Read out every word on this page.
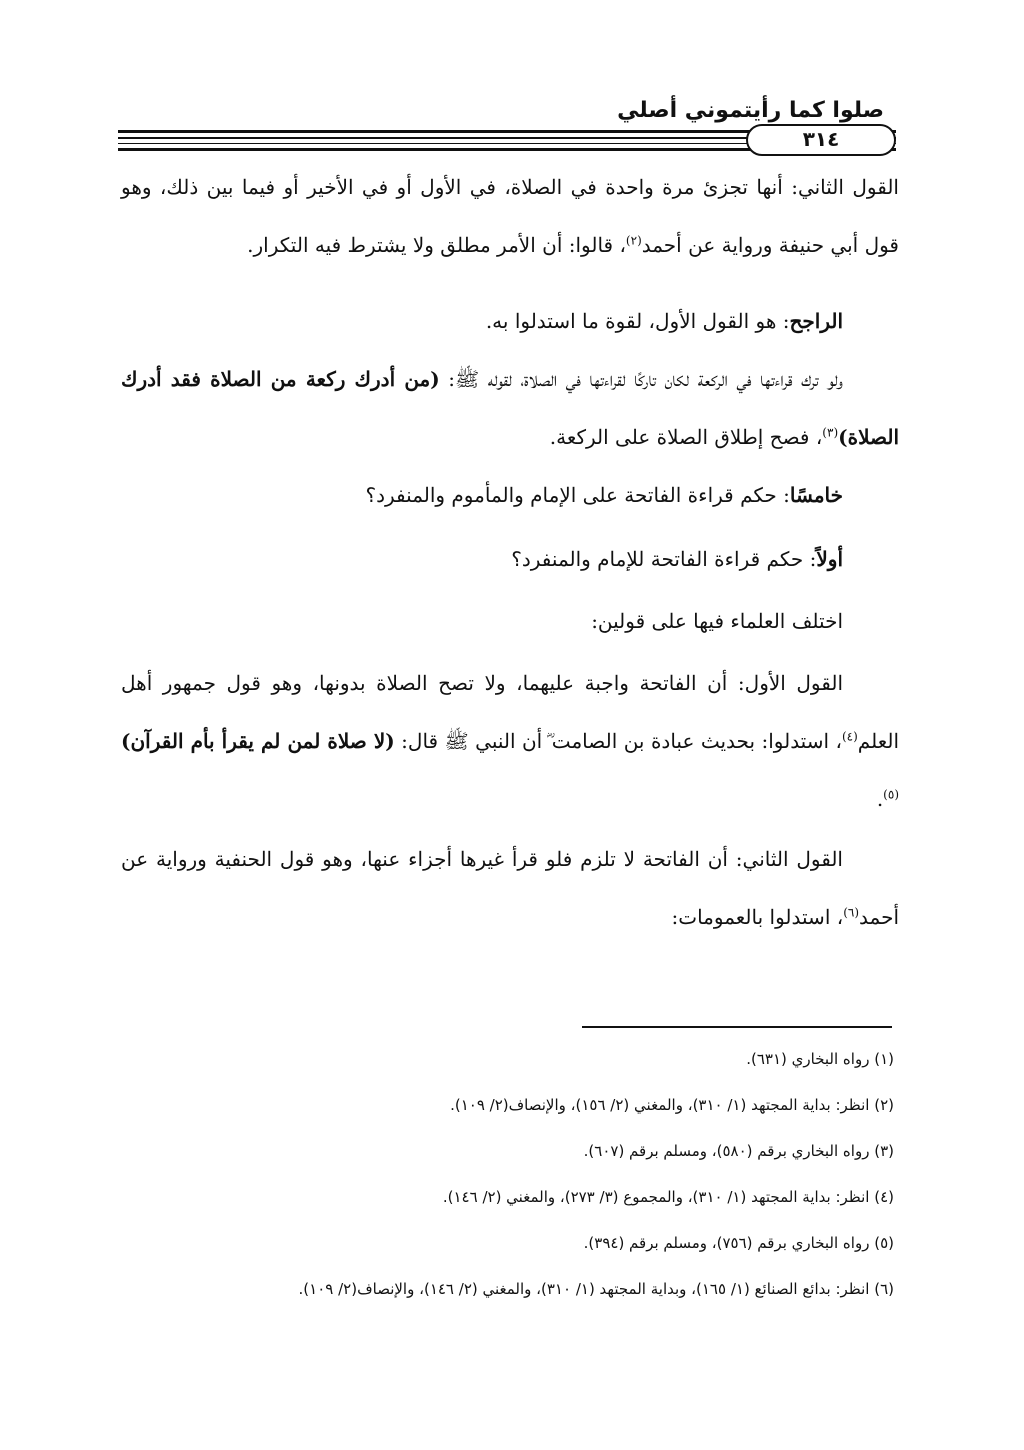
صلوا كما رأيتموني أصلي
٣١٤

القول الثاني: أنها تجزئ مرة واحدة في الصلاة، في الأول أو في الأخير أو فيما بين ذلك، وهو قول أبي حنيفة ورواية عن أحمد$^{(٢)}$، قالوا: أن الأمر مطلق ولا يشترط فيه التكرار.

الراجح: هو القول الأول، لقوة ما استدلوا به.

ولو ترك قراءتها في الركعة لكان تاركًا لقراءتها في الصلاة، لقوله ﷺ: (من أدرك ركعة من الصلاة فقد أدرك الصلاة)$^{(٣)}$، فصح إطلاق الصلاة على الركعة.

خامسًا: حكم قراءة الفاتحة على الإمام والمأموم والمنفرد؟

أولاً: حكم قراءة الفاتحة للإمام والمنفرد؟

اختلف العلماء فيها على قولين:

القول الأول: أن الفاتحة واجبة عليهما، ولا تصح الصلاة بدونها، وهو قول جمهور أهل العلم$^{(٤)}$، استدلوا: بحديث عبادة بن الصامت ؓ أن النبي ﷺ قال: (لا صلاة لمن لم يقرأ بأم القرآن)$^{(٥)}$.

القول الثاني: أن الفاتحة لا تلزم فلو قرأ غيرها أجزاء عنها، وهو قول الحنفية ورواية عن أحمد$^{(٦)}$، استدلوا بالعمومات:

(١) رواه البخاري (٦٣١).

(٢) انظر: بداية المجتهد (١/ ٣١٠)، والمغني (٢/ ١٥٦)، والإنصاف(٢/ ١٠٩).

(٣) رواه البخاري برقم (٥٨٠)، ومسلم برقم (٦٠٧).

(٤) انظر: بداية المجتهد (١/ ٣١٠)، والمجموع (٣/ ٢٧٣)، والمغني (٢/ ١٤٦).

(٥) رواه البخاري برقم (٧٥٦)، ومسلم برقم (٣٩٤).

(٦) انظر: بدائع الصنائع (١/ ١٦٥)، وبداية المجتهد (١/ ٣١٠)، والمغني (٢/ ١٤٦)، والإنصاف(٢/ ١٠٩).
